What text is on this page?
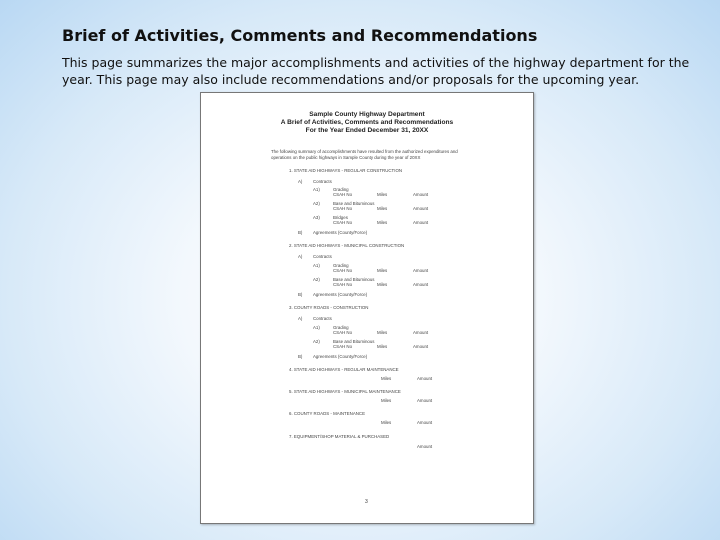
Brief of Activities, Comments and Recommendations
This page summarizes the major accomplishments and activities of the highway department for the
year. This page may also include recommendations and/or proposals for the upcoming year.
Sample County Highway Department
A Brief of Activities, Comments and Recommendations
For the Year Ended December 31, 20XX
The following summary of accomplishments have resulted from the authorized expenditures and
operations on the public highways in Sample County during the year of 20XX
1. STATE AID HIGHWAYS - REGULAR CONSTRUCTION
A) Contracts
A1)	Grading
CSAH No	Miles	Amount
A2)	Base and Bituminous
CSAH No	Miles	Amount
A3)	Bridges
CSAH No	Miles	Amount
B) Agreements (County/Force)
2. STATE AID HIGHWAYS - MUNICIPAL CONSTRUCTION
A) Contracts
A1)	Grading
CSAH No	Miles	Amount
A2)	Base and Bituminous
CSAH No	Miles	Amount
B) Agreements (County/Force)
3. COUNTY ROADS - CONSTRUCTION
A) Contracts
A1)	Grading
CSAH No	Miles	Amount
A2)	Base and Bituminous
CSAH No	Miles	Amount
B) Agreements (County/Force)
4. STATE AID HIGHWAYS - REGULAR MAINTENANCE
Miles	Amount
5. STATE AID HIGHWAYS - MUNICIPAL MAINTENANCE
Miles	Amount
6. COUNTY ROADS - MAINTENANCE
Miles	Amount
7. EQUIPMENT/SHOP MATERIAL & PURCHASED
Amount
3
